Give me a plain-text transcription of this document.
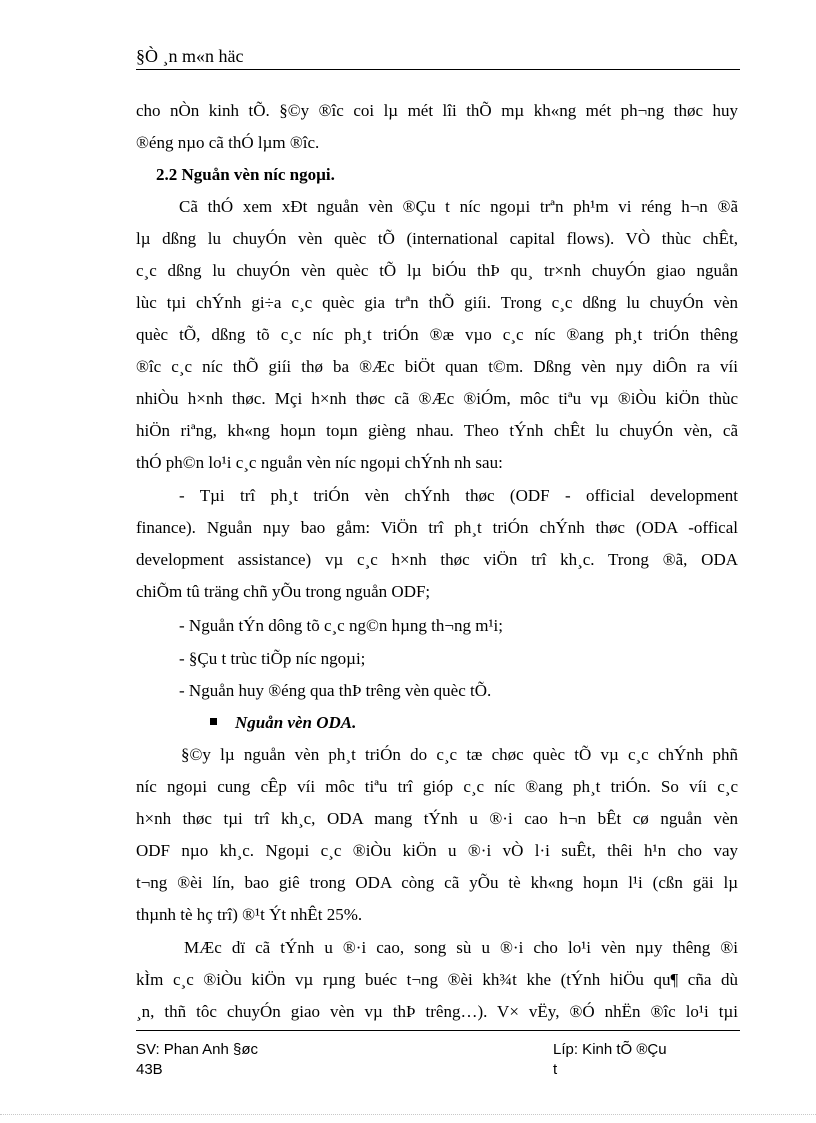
§Ò ¸n m«n häc

cho nÒn kinh tÕ. §©y ®îc coi lµ mét lîi thÕ mµ kh«ng mét ph¬ng thøc huy

®éng nµo cã thÓ lµm ®îc.

2.2 Nguån vèn níc ngoµi.

Cã thÓ xem xÐt nguån vèn ®Çu t níc ngoµi trªn ph¹m vi réng h¬n ®ã

lµ dßng lu chuyÓn vèn quèc tÕ (international capital flows). VÒ thùc chÊt,

c¸c dßng lu chuyÓn vèn quèc tÕ lµ biÓu thÞ qu¸ tr×nh chuyÓn giao nguån

lùc tµi chÝnh gi÷a c¸c quèc gia trªn thÕ giíi. Trong c¸c dßng lu chuyÓn vèn

quèc tÕ, dßng tõ c¸c níc ph¸t triÓn ®æ vµo c¸c níc ®ang ph¸t triÓn thêng

®îc c¸c níc thÕ giíi thø ba ®Æc biÖt quan t©m. Dßng vèn nµy diÔn ra víi

nhiÒu h×nh thøc. Mçi h×nh thøc cã ®Æc ®iÓm, môc tiªu vµ ®iÒu kiÖn thùc

hiÖn riªng, kh«ng hoµn toµn gièng nhau. Theo tÝnh chÊt lu chuyÓn vèn, cã

thÓ ph©n lo¹i c¸c nguån vèn níc ngoµi chÝnh nh sau:

- Tµi trî ph¸t triÓn vèn chÝnh thøc (ODF - official development

finance). Nguån nµy bao gåm: ViÖn trî ph¸t triÓn chÝnh thøc (ODA -offical

development assistance) vµ c¸c h×nh thøc viÖn trî kh¸c. Trong ®ã, ODA

chiÕm tû träng chñ yÕu trong nguån ODF;

- Nguån tÝn dông tõ c¸c ng©n hµng th¬ng m¹i;

- §Çu t trùc tiÕp níc ngoµi;

- Nguån huy ®éng qua thÞ trêng vèn quèc tÕ.

Nguån vèn ODA.

§©y lµ nguån vèn ph¸t triÓn do c¸c tæ chøc quèc tÕ vµ c¸c chÝnh phñ

níc ngoµi cung cÊp víi môc tiªu trî gióp c¸c níc ®ang ph¸t triÓn. So víi c¸c

h×nh thøc tµi trî kh¸c, ODA mang tÝnh u ®·i cao h¬n bÊt cø nguån vèn

ODF nµo kh¸c. Ngoµi c¸c ®iÒu kiÖn u ®·i vÒ l·i suÊt, thêi h¹n cho vay

t¬ng ®èi lín, bao giê trong ODA còng cã yÕu tè kh«ng hoµn l¹i (cßn gäi lµ

thµnh tè hç trî) ®¹t Ýt nhÊt 25%.

MÆc dï cã tÝnh u ®·i cao, song sù u ®·i cho lo¹i vèn nµy thêng ®i

kÌm c¸c ®iÒu kiÖn vµ rµng buéc t¬ng ®èi kh¾t khe (tÝnh hiÖu qu¶ cña dù

¸n, thñ tôc chuyÓn giao vèn vµ thÞ trêng…). V× vËy, ®Ó nhËn ®îc lo¹i tµi

SV: Phan Anh §øc
43B
Líp: Kinh tÕ ®Çu t
